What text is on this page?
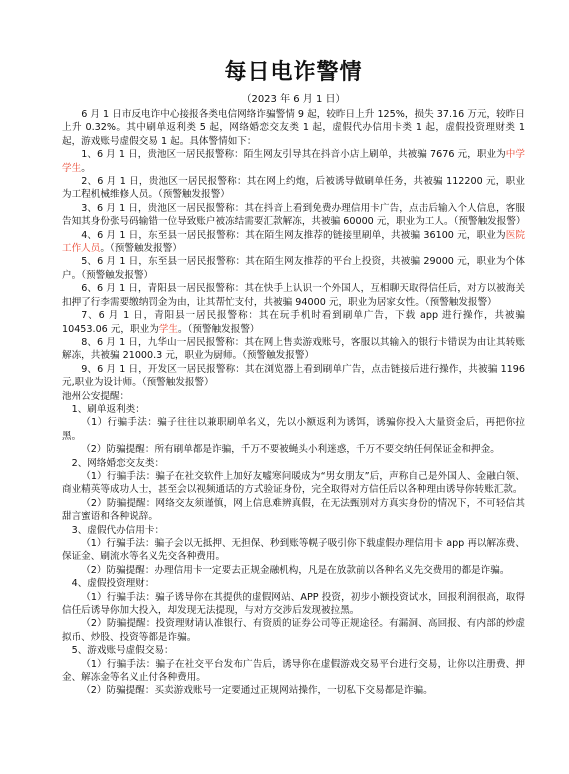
每日电诈警情

（2023 年 6 月 1 日）

6 月 1 日市反电诈中心接报各类电信网络诈骗警情 9 起，较昨日上升 125%，损失 37.16 万元，较昨日上升 0.32%。其中刷单返利类 5 起，网络婚恋交友类 1 起，虚假代办信用卡类 1 起，虚假投资理财类 1 起，游戏账号虚假交易 1 起。具体警情如下：

1、6 月 1 日，贵池区一居民报警称：陌生网友引导其在抖音小店上刷单，共被骗 7676 元，职业为中学学生。

2、6 月 1 日，贵池区一居民报警称：其在网上约炮，后被诱导做刷单任务，共被骗 112200 元，职业为工程机械维修人员。（预警触发报警）

3、6 月 1 日，贵池区一居民报警称：其在抖音上看到免费办理信用卡广告，点击后输入个人信息，客服告知其身份张号码输错一位导致账户被冻结需要汇款解冻，共被骗 60000 元，职业为工人。（预警触发报警）

4、6 月 1 日，东至县一居民报警称：其在陌生网友推荐的链接里刷单，共被骗 36100 元，职业为医院工作人员。（预警触发报警）

5、6 月 1 日，东至县一居民报警称：其在陌生网友推荐的平台上投资，共被骗 29000 元，职业为个体户。（预警触发报警）

6、6 月 1 日，青阳县一居民报警称：其在快手上认识一个外国人，互相聊天取得信任后，对方以被海关扣押了行李需要缴纳罚金为由，让其帮忙支付，共被骗 94000 元，职业为居家女性。（预警触发报警）

7、6 月 1 日，青阳县一居民报警称：其在玩手机时看到刷单广告，下载 app 进行操作，共被骗 10453.06 元，职业为学生。（预警触发报警）

8、6 月 1 日，九华山一居民报警称：其在网上售卖游戏账号，客服以其输入的银行卡错误为由让其转账解冻，共被骗 21000.3 元，职业为厨师。（预警触发报警）

9、6 月 1 日，开发区一居民报警称：其在浏览器上看到刷单广告，点击链接后进行操作，共被骗 1196 元,职业为设计师。（预警触发报警）

池州公安提醒：

1、刷单返利类：

（1）行骗手法：骗子往往以兼职刷单名义，先以小额返利为诱饵，诱骗你投入大量资金后，再把你拉黑。

（2）防骗提醒：所有刷单都是诈骗，千万不要被蝇头小利迷惑，千万不要交纳任何保证金和押金。

2、网络婚恋交友类：

（1）行骗手法：骗子在社交软件上加好友嘘寒问暖成为“男女朋友”后，声称自己是外国人、金融白领、商业精英等成功人士，甚至会以视频通话的方式验证身份，完全取得对方信任后以各种理由诱导你转账汇款。

（2）防骗提醒：网络交友须谨慎，网上信息难辨真假，在无法甄别对方真实身份的情况下，不可轻信其甜言蜜语和各种说辞。

3、虚假代办信用卡：

（1）行骗手法：骗子会以无抵押、无担保、秒到账等幌子吸引你下载虚假办理信用卡 app 再以解冻费、保证金、刷流水等名义先交各种费用。

（2）防骗提醒：办理信用卡一定要去正规金融机构，凡是在放款前以各种名义先交费用的都是诈骗。

4、虚假投资理财：

（1）行骗手法：骗子诱导你在其提供的虚假网站、APP 投资，初步小额投资试水，回报利润很高，取得信任后诱导你加大投入，却发现无法提现，与对方交涉后发现被拉黑。

（2）防骗提醒：投资理财请认准银行、有资质的证券公司等正规途径。有漏洞、高回报、有内部的炒虚拟币、炒股、投资等都是诈骗。

5、游戏账号虚假交易：

（1）行骗手法：骗子在社交平台发布广告后，诱导你在虚假游戏交易平台进行交易，让你以注册费、押金、解冻金等名义止付各种费用。

（2）防骗提醒：买卖游戏账号一定要通过正规网站操作，一切私下交易都是诈骗。
